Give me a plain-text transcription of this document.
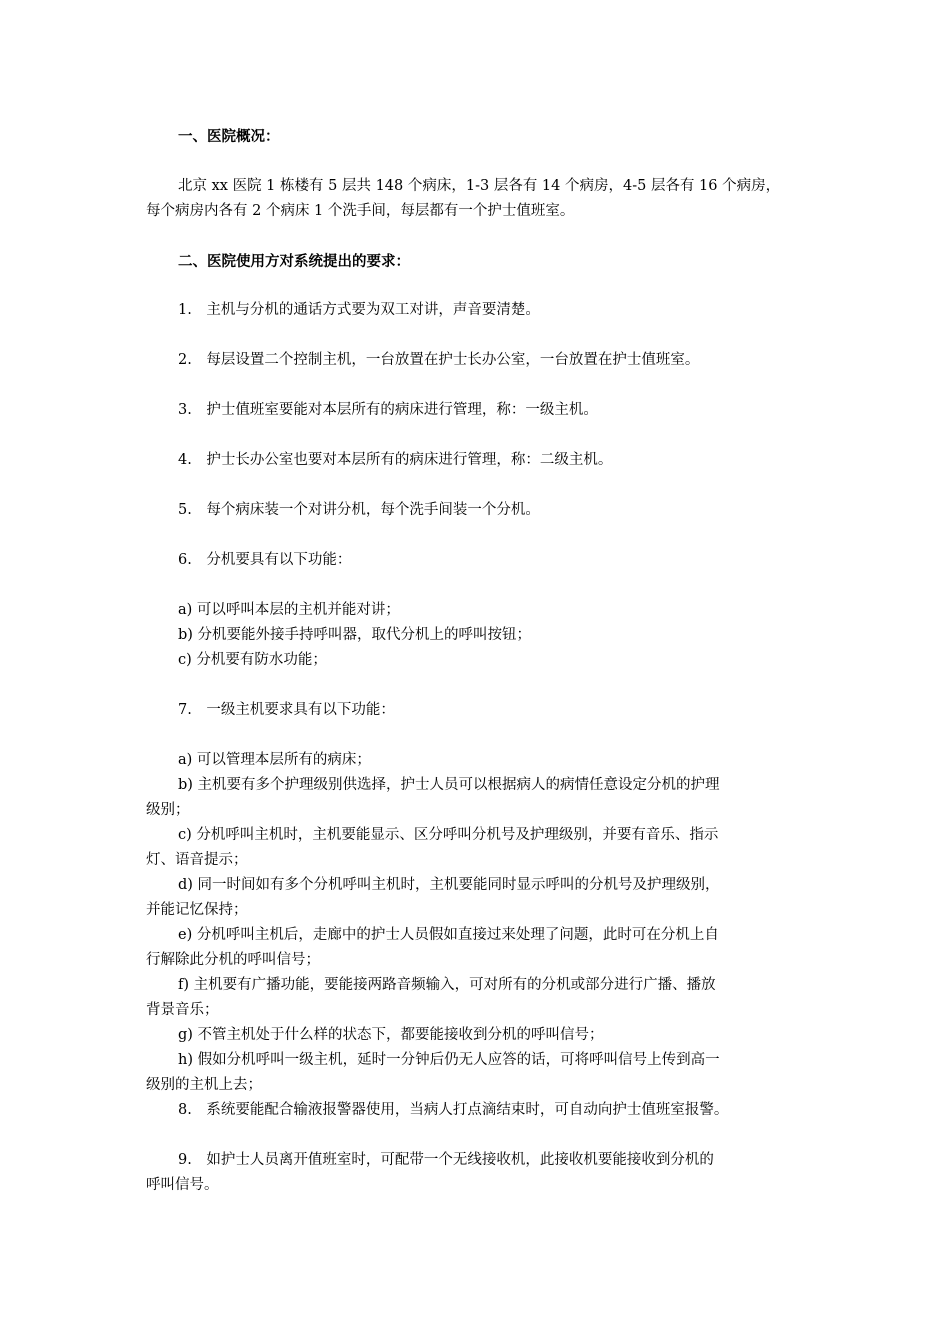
一、医院概况：
北京 xx 医院 1 栋楼有 5 层共 148 个病床，1-3 层各有 14 个病房，4-5 层各有 16 个病房，
每个病房内各有 2 个病床 1 个洗手间，每层都有一个护士值班室。
二、医院使用方对系统提出的要求：
1.　主机与分机的通话方式要为双工对讲，声音要清楚。
2.　每层设置二个控制主机，一台放置在护士长办公室，一台放置在护士值班室。
3.　护士值班室要能对本层所有的病床进行管理，称：一级主机。
4.　护士长办公室也要对本层所有的病床进行管理，称：二级主机。
5.　每个病床装一个对讲分机，每个洗手间装一个分机。
6.　分机要具有以下功能：
a) 可以呼叫本层的主机并能对讲；
b) 分机要能外接手持呼叫器，取代分机上的呼叫按钮；
c) 分机要有防水功能；
7.　一级主机要求具有以下功能：
a) 可以管理本层所有的病床；
b) 主机要有多个护理级别供选择，护士人员可以根据病人的病情任意设定分机的护理
级别；
c) 分机呼叫主机时，主机要能显示、区分呼叫分机号及护理级别，并要有音乐、指示
灯、语音提示；
d) 同一时间如有多个分机呼叫主机时，主机要能同时显示呼叫的分机号及护理级别，
并能记忆保持；
e) 分机呼叫主机后，走廊中的护士人员假如直接过来处理了问题，此时可在分机上自
行解除此分机的呼叫信号；
f) 主机要有广播功能，要能接两路音频输入，可对所有的分机或部分进行广播、播放
背景音乐；
g) 不管主机处于什么样的状态下，都要能接收到分机的呼叫信号；
h) 假如分机呼叫一级主机，延时一分钟后仍无人应答的话，可将呼叫信号上传到高一
级别的主机上去；
8.　系统要能配合输液报警器使用，当病人打点滴结束时，可自动向护士值班室报警。
9.　如护士人员离开值班室时，可配带一个无线接收机，此接收机要能接收到分机的
呼叫信号。
